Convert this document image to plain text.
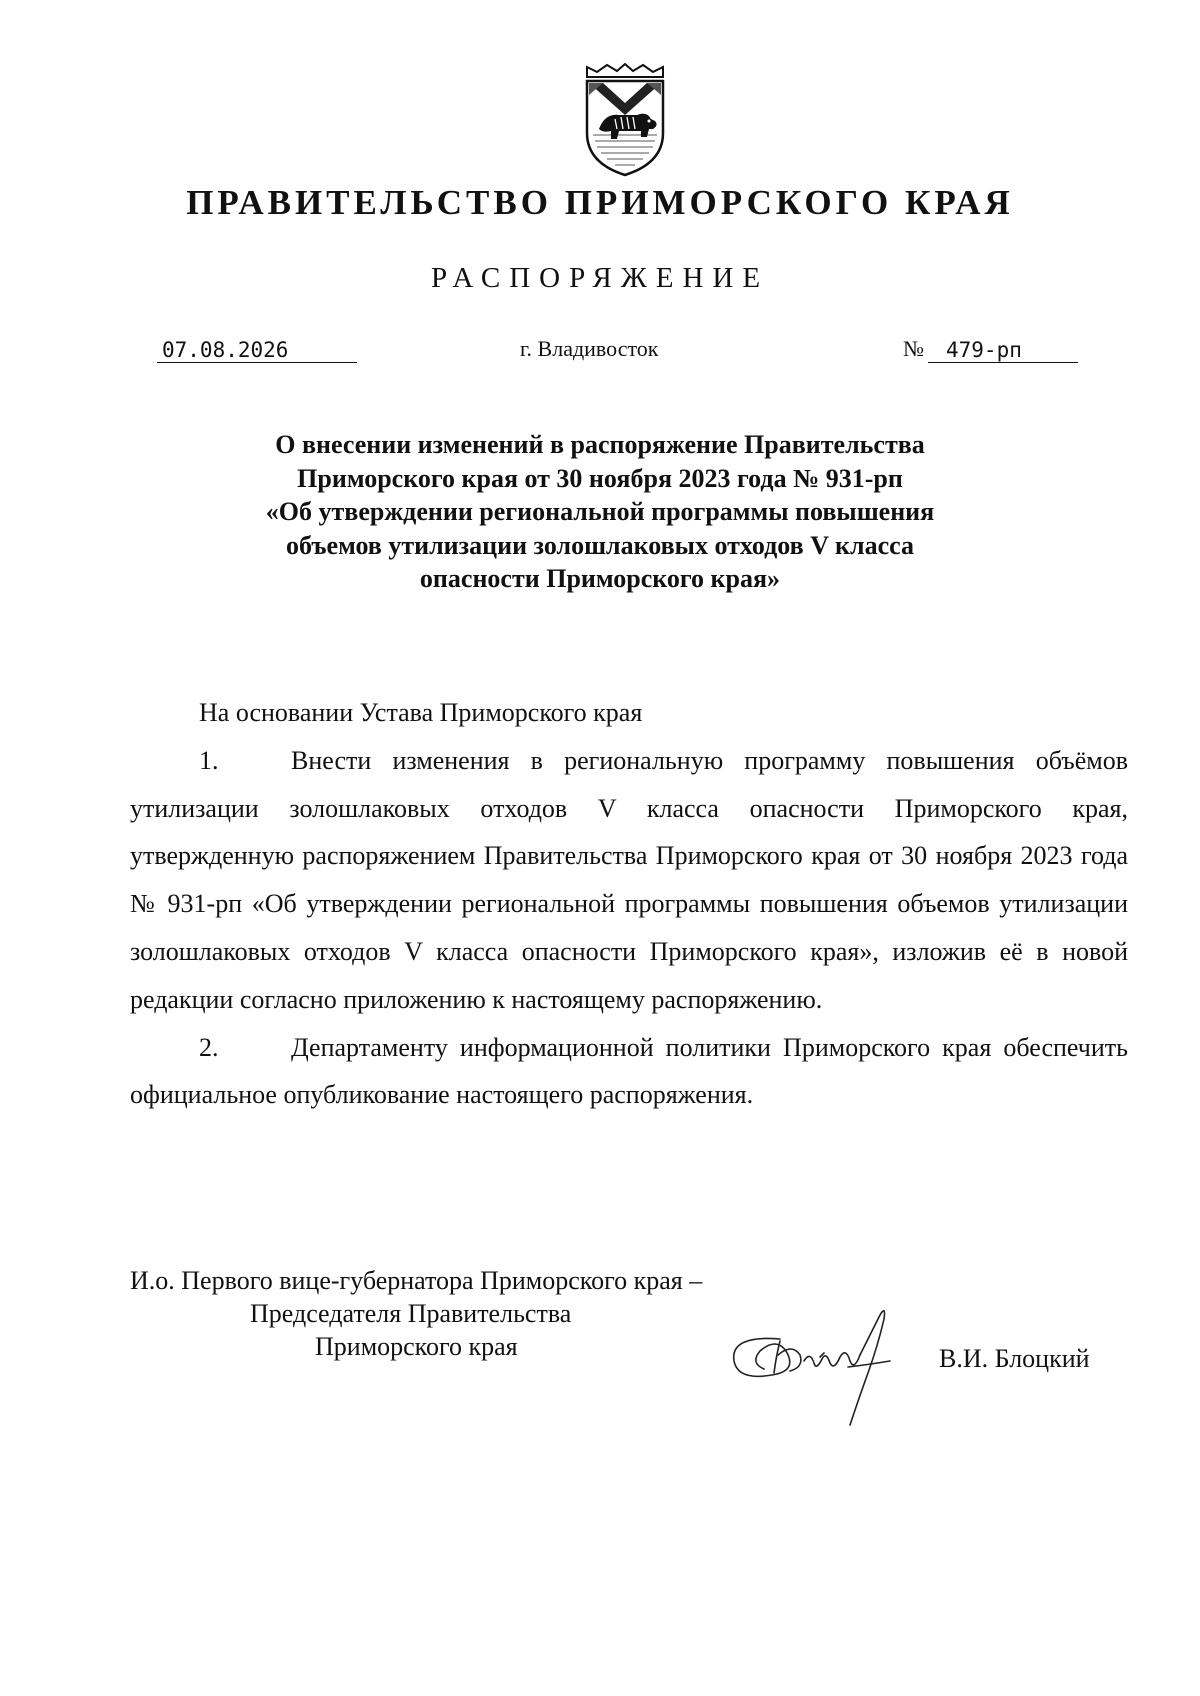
ПРАВИТЕЛЬСТВО ПРИМОРСКОГО КРАЯ
РАСПОРЯЖЕНИЕ
07.08.2026	г. Владивосток	№	479-рп
О внесении изменений в распоряжение Правительства
Приморского края от 30 ноября 2023 года № 931-рп
«Об утверждении региональной программы повышения
объемов утилизации золошлаковых отходов V класса
опасности Приморского края»

На основании Устава Приморского края

1.	Внести изменения в региональную программу повышения объёмов утилизации золошлаковых отходов V класса опасности Приморского края, утвержденную распоряжением Правительства Приморского края от 30 ноября 2023 года № 931-рп «Об утверждении региональной программы повышения объемов утилизации золошлаковых отходов V класса опасности Приморского края», изложив её в новой редакции согласно приложению к настоящему распоряжению.

2.	Департаменту информационной политики Приморского края обеспечить официальное опубликование настоящего распоряжения.

И.о. Первого вице-губернатора Приморского края –
Председателя Правительства
Приморского края	В.И. Блоцкий
